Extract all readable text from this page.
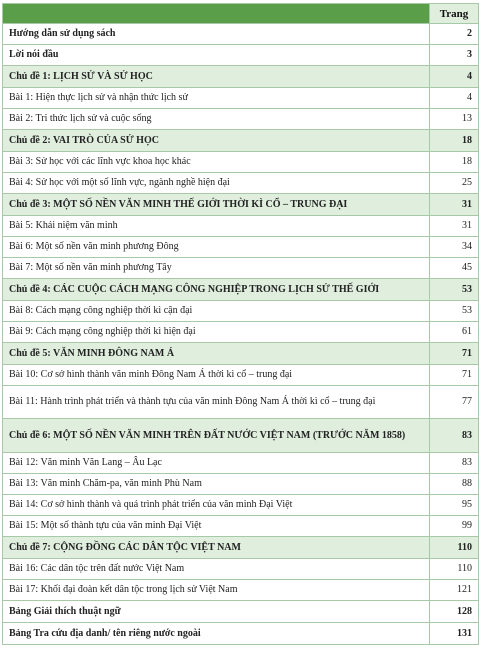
	Trang
Hướng dẫn sử dụng sách	2
Lời nói đầu	3
Chủ đề 1: LỊCH SỬ VÀ SỬ HỌC	4
Bài 1: Hiện thực lịch sử và nhận thức lịch sử	4
Bài 2: Tri thức lịch sử và cuộc sống	13
Chủ đề 2: VAI TRÒ CỦA SỬ HỌC	18
Bài 3: Sử học với các lĩnh vực khoa học khác	18
Bài 4: Sử học với một số lĩnh vực, ngành nghề hiện đại	25
Chủ đề 3: MỘT SỐ NỀN VĂN MINH THẾ GIỚI THỜI KÌ CỔ – TRUNG ĐẠI	31
Bài 5: Khái niệm văn minh	31
Bài 6: Một số nền văn minh phương Đông	34
Bài 7: Một số nền văn minh phương Tây	45
Chủ đề 4: CÁC CUỘC CÁCH MẠNG CÔNG NGHIỆP TRONG LỊCH SỬ THẾ GIỚI	53
Bài 8: Cách mạng công nghiệp thời kì cận đại	53
Bài 9: Cách mạng công nghiệp thời kì hiện đại	61
Chủ đề 5: VĂN MINH ĐÔNG NAM Á	71
Bài 10: Cơ sở hình thành văn minh Đông Nam Á thời kì cổ – trung đại	71
Bài 11: Hành trình phát triển và thành tựu của văn minh Đông Nam Á thời kì cổ – trung đại	77
Chủ đề 6: MỘT SỐ NỀN VĂN MINH TRÊN ĐẤT NƯỚC VIỆT NAM (TRƯỚC NĂM 1858)	83
Bài 12: Văn minh Văn Lang – Âu Lạc	83
Bài 13: Văn minh Chăm-pa, văn minh Phù Nam	88
Bài 14: Cơ sở hình thành và quá trình phát triển của văn minh Đại Việt	95
Bài 15: Một số thành tựu của văn minh Đại Việt	99
Chủ đề 7: CỘNG ĐỒNG CÁC DÂN TỘC VIỆT NAM	110
Bài 16: Các dân tộc trên đất nước Việt Nam	110
Bài 17: Khối đại đoàn kết dân tộc trong lịch sử Việt Nam	121
Bảng Giải thích thuật ngữ	128
Bảng Tra cứu địa danh/ tên riêng nước ngoài	131
